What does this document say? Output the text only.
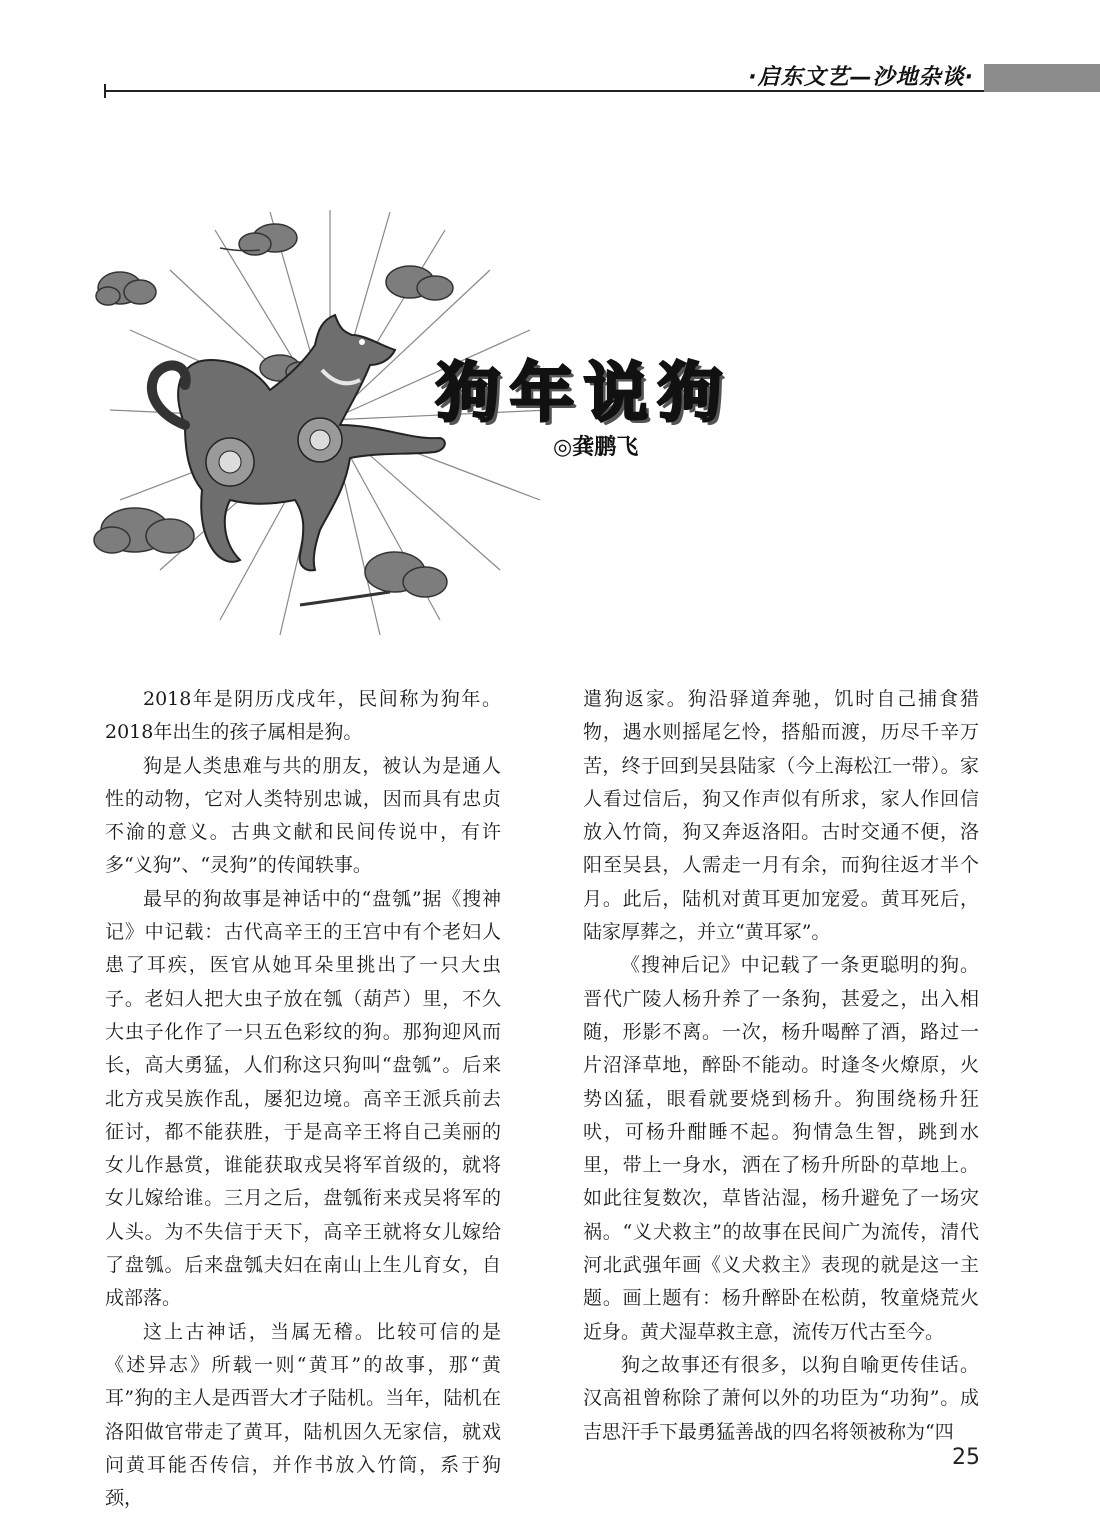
·启东文艺—沙地杂谈·
狗年说狗
◎龚鹏飞

2018年是阴历戊戌年，民间称为狗年。2018年出生的孩子属相是狗。

狗是人类患难与共的朋友，被认为是通人性的动物，它对人类特别忠诚，因而具有忠贞不渝的意义。古典文献和民间传说中，有许多“义狗”、“灵狗”的传闻轶事。

最早的狗故事是神话中的“盘瓠”据《搜神记》中记载：古代高辛王的王宫中有个老妇人患了耳疾，医官从她耳朵里挑出了一只大虫子。老妇人把大虫子放在瓠（葫芦）里，不久大虫子化作了一只五色彩纹的狗。那狗迎风而长，高大勇猛，人们称这只狗叫“盘瓠”。后来北方戎吴族作乱，屡犯边境。高辛王派兵前去征讨，都不能获胜，于是高辛王将自己美丽的女儿作悬赏，谁能获取戎吴将军首级的，就将女儿嫁给谁。三月之后，盘瓠衔来戎吴将军的人头。为不失信于天下，高辛王就将女儿嫁给了盘瓠。后来盘瓠夫妇在南山上生儿育女，自成部落。

这上古神话，当属无稽。比较可信的是《述异志》所载一则“黄耳”的故事，那“黄耳”狗的主人是西晋大才子陆机。当年，陆机在洛阳做官带走了黄耳，陆机因久无家信，就戏问黄耳能否传信，并作书放入竹筒，系于狗颈，

遣狗返家。狗沿驿道奔驰，饥时自己捕食猎物，遇水则摇尾乞怜，搭船而渡，历尽千辛万苦，终于回到吴县陆家（今上海松江一带）。家人看过信后，狗又作声似有所求，家人作回信放入竹筒，狗又奔返洛阳。古时交通不便，洛阳至吴县，人需走一月有余，而狗往返才半个月。此后，陆机对黄耳更加宠爱。黄耳死后，陆家厚葬之，并立“黄耳冢”。

《搜神后记》中记载了一条更聪明的狗。晋代广陵人杨升养了一条狗，甚爱之，出入相随，形影不离。一次，杨升喝醉了酒，路过一片沼泽草地，醉卧不能动。时逢冬火燎原，火势凶猛，眼看就要烧到杨升。狗围绕杨升狂吠，可杨升酣睡不起。狗情急生智，跳到水里，带上一身水，洒在了杨升所卧的草地上。如此往复数次，草皆沾湿，杨升避免了一场灾祸。“义犬救主”的故事在民间广为流传，清代河北武强年画《义犬救主》表现的就是这一主题。画上题有：杨升醉卧在松荫，牧童烧荒火近身。黄犬湿草救主意，流传万代古至今。

狗之故事还有很多，以狗自喻更传佳话。汉高祖曾称除了萧何以外的功臣为“功狗”。成吉思汗手下最勇猛善战的四名将领被称为“四

25
